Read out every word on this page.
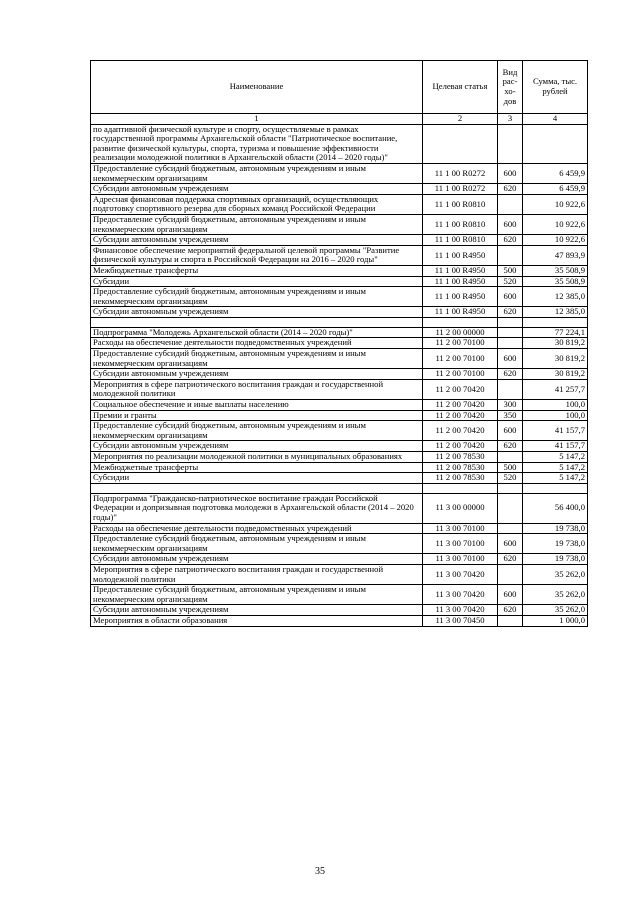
Наименование	Целевая статья	Вид рас-хо-дов	Сумма, тыс. рублей
1	2	3	4
по адаптивной физической культуре и спорту, осуществляемые в рамках государственной программы Архангельской области "Патриотическое воспитание, развитие физической культуры, спорта, туризма и повышение эффективности реализации молодежной политики в Архангельской области (2014 – 2020 годы)"			
Предоставление субсидий бюджетным, автономным учреждениям и иным некоммерческим организациям	11 1 00 R0272	600	6 459,9
Субсидии автономным учреждениям	11 1 00 R0272	620	6 459,9
Адресная финансовая поддержка спортивных организаций, осуществляющих подготовку спортивного резерва для сборных команд Российской Федерации	11 1 00 R0810		10 922,6
Предоставление субсидий бюджетным, автономным учреждениям и иным некоммерческим организациям	11 1 00 R0810	600	10 922,6
Субсидии автономным учреждениям	11 1 00 R0810	620	10 922,6
Финансовое обеспечение мероприятий федеральной целевой программы "Развитие физической культуры и спорта в Российской Федерации на 2016 – 2020 годы"	11 1 00 R4950		47 893,9
Межбюджетные трансферты	11 1 00 R4950	500	35 508,9
Субсидии	11 1 00 R4950	520	35 508,9
Предоставление субсидий бюджетным, автономным учреждениям и иным некоммерческим организациям	11 1 00 R4950	600	12 385,0
Субсидии автономным учреждениям	11 1 00 R4950	620	12 385,0

Подпрограмма "Молодежь Архангельской области (2014 – 2020 годы)"	11 2 00 00000		77 224,1
Расходы на обеспечение деятельности подведомственных учреждений	11 2 00 70100		30 819,2
Предоставление субсидий бюджетным, автономным учреждениям и иным некоммерческим организациям	11 2 00 70100	600	30 819,2
Субсидии автономным учреждениям	11 2 00 70100	620	30 819,2
Мероприятия в сфере патриотического воспитания граждан и государственной молодежной политики	11 2 00 70420		41 257,7
Социальное обеспечение и иные выплаты населению	11 2 00 70420	300	100,0
Премии и гранты	11 2 00 70420	350	100,0
Предоставление субсидий бюджетным, автономным учреждениям и иным некоммерческим организациям	11 2 00 70420	600	41 157,7
Субсидии автономным учреждениям	11 2 00 70420	620	41 157,7
Мероприятия по реализации молодежной политики в муниципальных образованиях	11 2 00 78530		5 147,2
Межбюджетные трансферты	11 2 00 78530	500	5 147,2
Субсидии	11 2 00 78530	520	5 147,2

Подпрограмма "Гражданско-патриотическое воспитание граждан Российской Федерации и допризывная подготовка молодежи в Архангельской области (2014 – 2020 годы)"	11 3 00 00000		56 400,0
Расходы на обеспечение деятельности подведомственных учреждений	11 3 00 70100		19 738,0
Предоставление субсидий бюджетным, автономным учреждениям и иным некоммерческим организациям	11 3 00 70100	600	19 738,0
Субсидии автономным учреждениям	11 3 00 70100	620	19 738,0
Мероприятия в сфере патриотического воспитания граждан и государственной молодежной политики	11 3 00 70420		35 262,0
Предоставление субсидий бюджетным, автономным учреждениям и иным некоммерческим организациям	11 3 00 70420	600	35 262,0
Субсидии автономным учреждениям	11 3 00 70420	620	35 262,0
Мероприятия в области образования	11 3 00 70450		1 000,0
35
